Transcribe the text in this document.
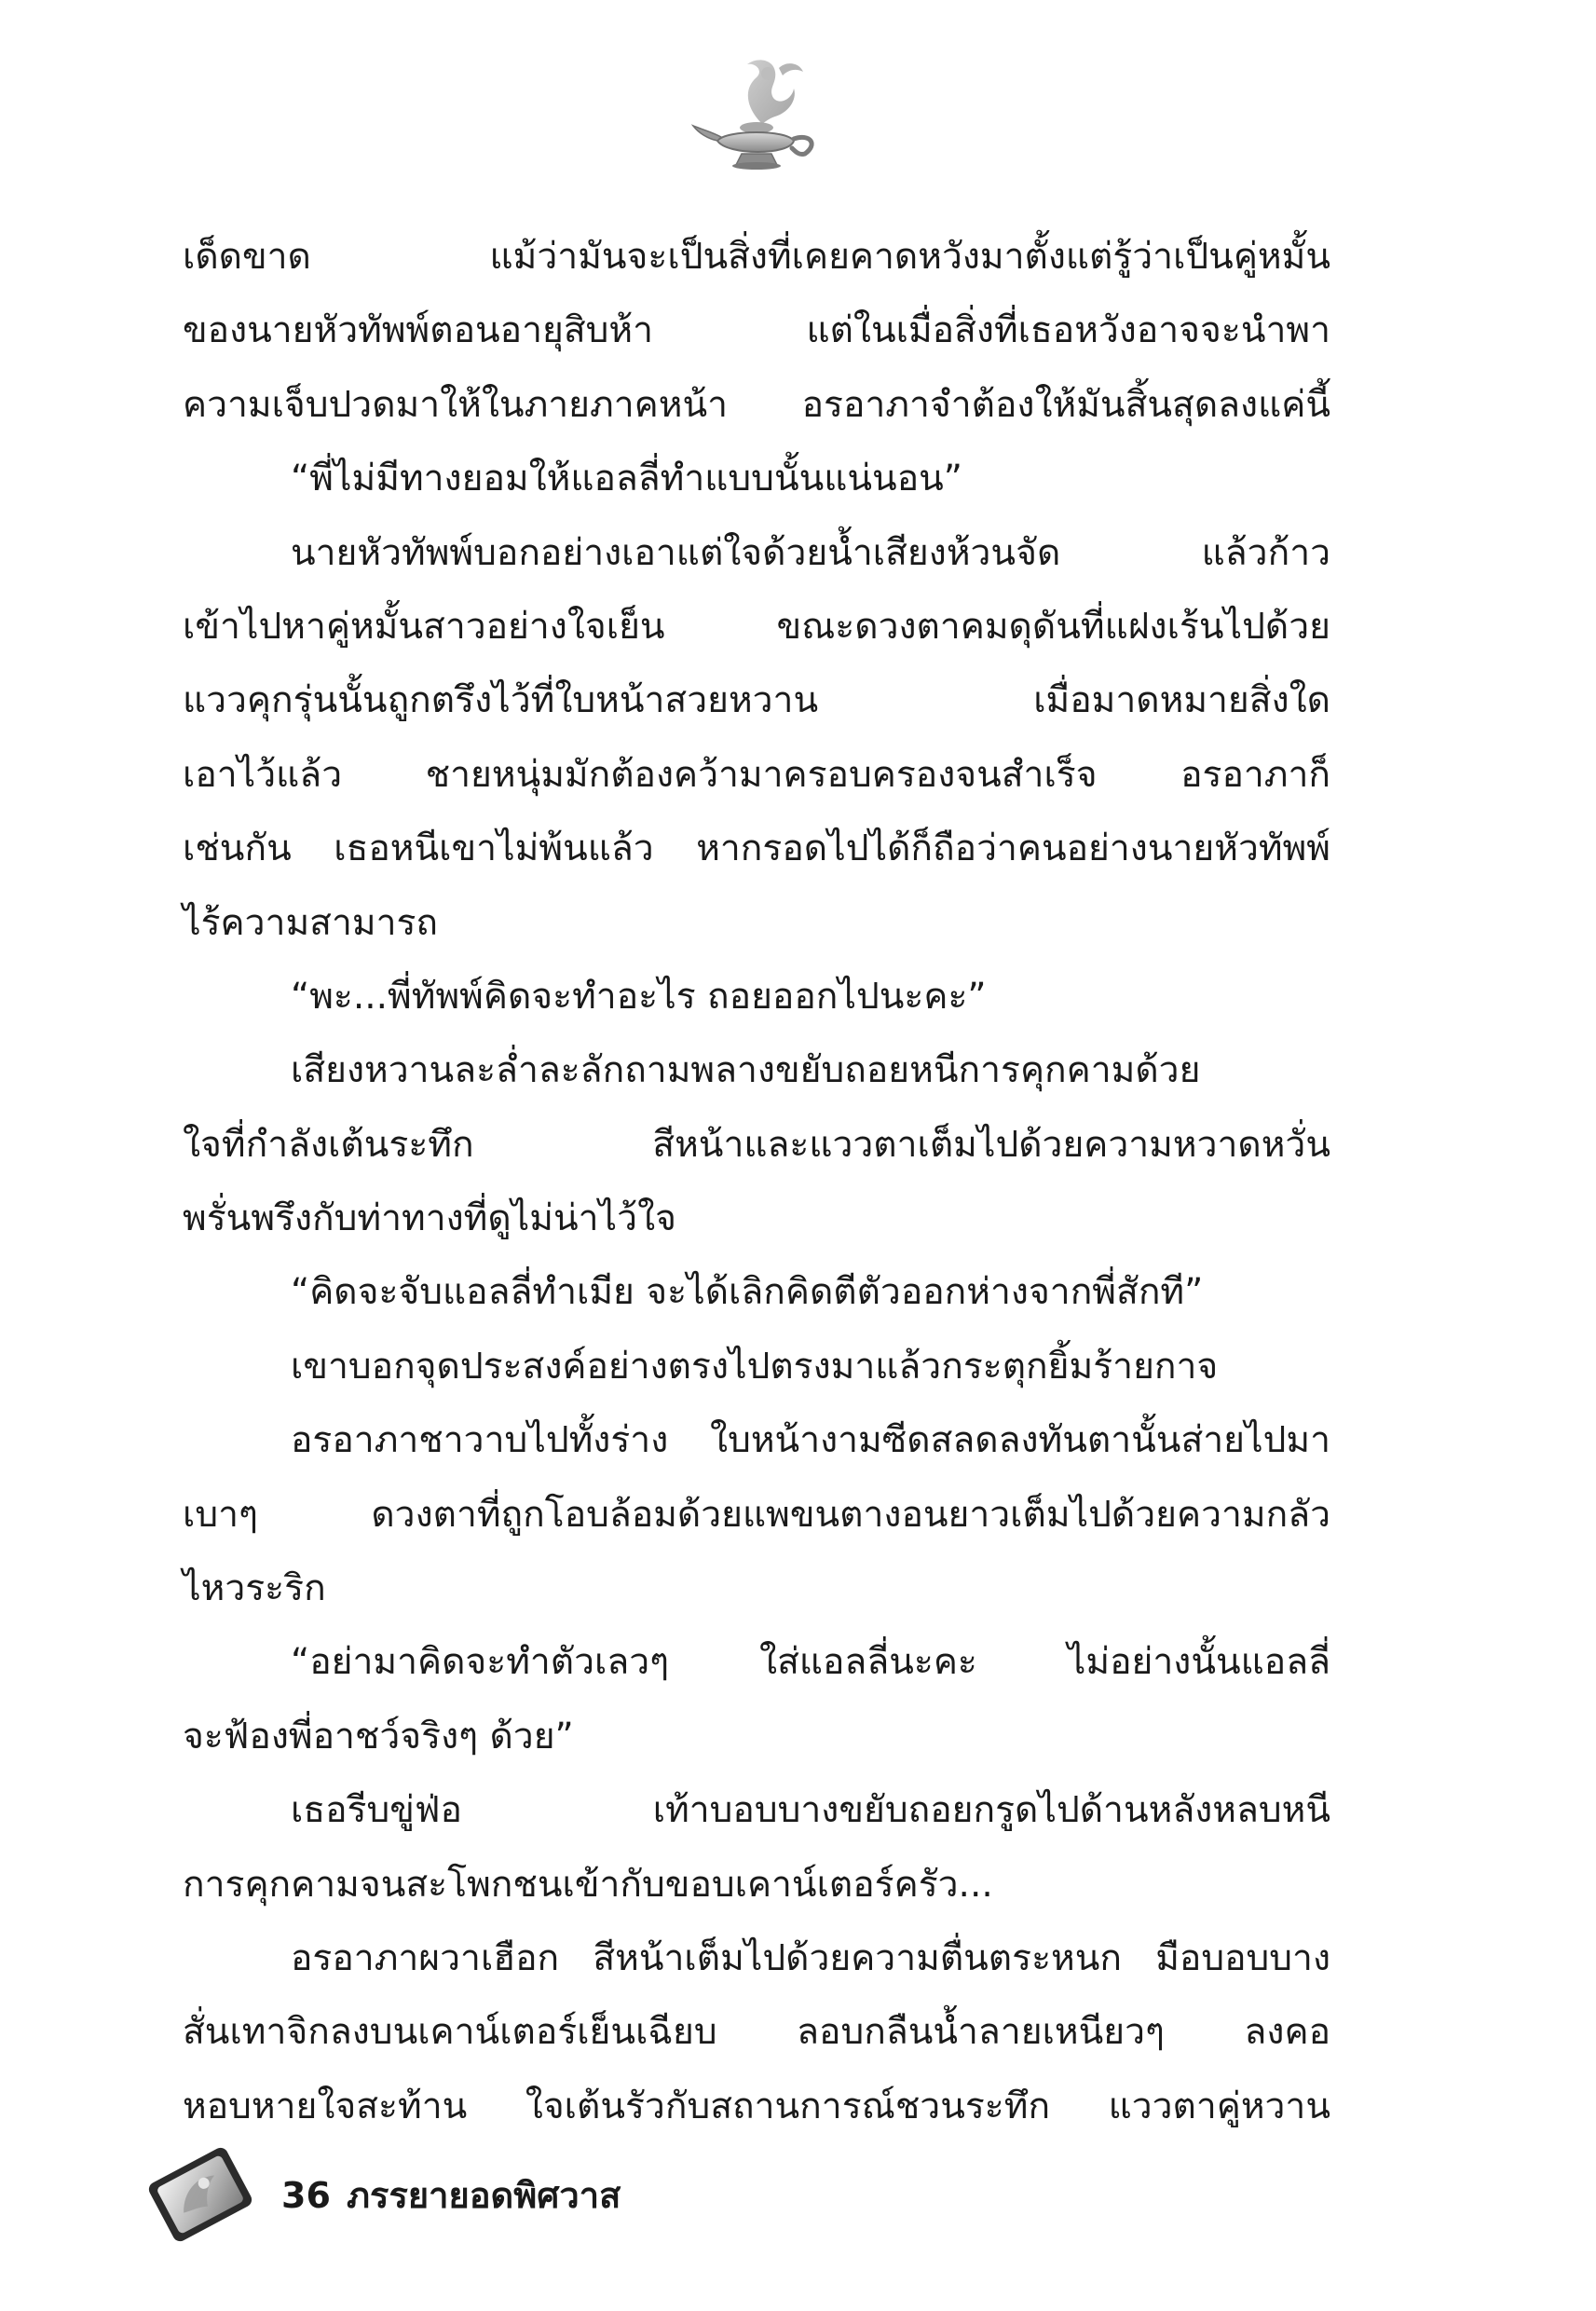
เด็ดขาด แม้ว่ามันจะเป็นสิ่งที่เคยคาดหวังมาตั้งแต่รู้ว่าเป็นคู่หมั้น
ของนายหัวทัพพ์ตอนอายุสิบห้า แต่ในเมื่อสิ่งที่เธอหวังอาจจะนำพา
ความเจ็บปวดมาให้ในภายภาคหน้า อรอาภาจำต้องให้มันสิ้นสุดลงแค่นี้
“พี่ไม่มีทางยอมให้แอลลี่ทำแบบนั้นแน่นอน”
นายหัวทัพพ์บอกอย่างเอาแต่ใจด้วยน้ำเสียงห้วนจัด แล้วก้าว
เข้าไปหาคู่หมั้นสาวอย่างใจเย็น ขณะดวงตาคมดุดันที่แฝงเร้นไปด้วย
แววคุกรุ่นนั้นถูกตรึงไว้ที่ใบหน้าสวยหวาน เมื่อมาดหมายสิ่งใด
เอาไว้แล้ว ชายหนุ่มมักต้องคว้ามาครอบครองจนสำเร็จ อรอาภาก็
เช่นกัน เธอหนีเขาไม่พ้นแล้ว หากรอดไปได้ก็ถือว่าคนอย่างนายหัวทัพพ์
ไร้ความสามารถ
“พะ...พี่ทัพพ์คิดจะทำอะไร ถอยออกไปนะคะ”
เสียงหวานละล่ำละลักถามพลางขยับถอยหนีการคุกคามด้วย
ใจที่กำลังเต้นระทึก สีหน้าและแววตาเต็มไปด้วยความหวาดหวั่น
พรั่นพรึงกับท่าทางที่ดูไม่น่าไว้ใจ
“คิดจะจับแอลลี่ทำเมีย จะได้เลิกคิดตีตัวออกห่างจากพี่สักที”
เขาบอกจุดประสงค์อย่างตรงไปตรงมาแล้วกระตุกยิ้มร้ายกาจ
อรอาภาชาวาบไปทั้งร่าง ใบหน้างามซีดสลดลงทันตานั้นส่ายไปมา
เบาๆ ดวงตาที่ถูกโอบล้อมด้วยแพขนตางอนยาวเต็มไปด้วยความกลัว
ไหวระริก
“อย่ามาคิดจะทำตัวเลวๆ ใส่แอลลี่นะคะ ไม่อย่างนั้นแอลลี่
จะฟ้องพี่อาชว์จริงๆ ด้วย”
เธอรีบขู่ฟ่อ เท้าบอบบางขยับถอยกรูดไปด้านหลังหลบหนี
การคุกคามจนสะโพกชนเข้ากับขอบเคาน์เตอร์ครัว...
อรอาภาผวาเฮือก สีหน้าเต็มไปด้วยความตื่นตระหนก มือบอบบาง
สั่นเทาจิกลงบนเคาน์เตอร์เย็นเฉียบ ลอบกลืนน้ำลายเหนียวๆ ลงคอ
หอบหายใจสะท้าน ใจเต้นรัวกับสถานการณ์ชวนระทึก แววตาคู่หวาน
36 ภรรยายอดพิศวาส
